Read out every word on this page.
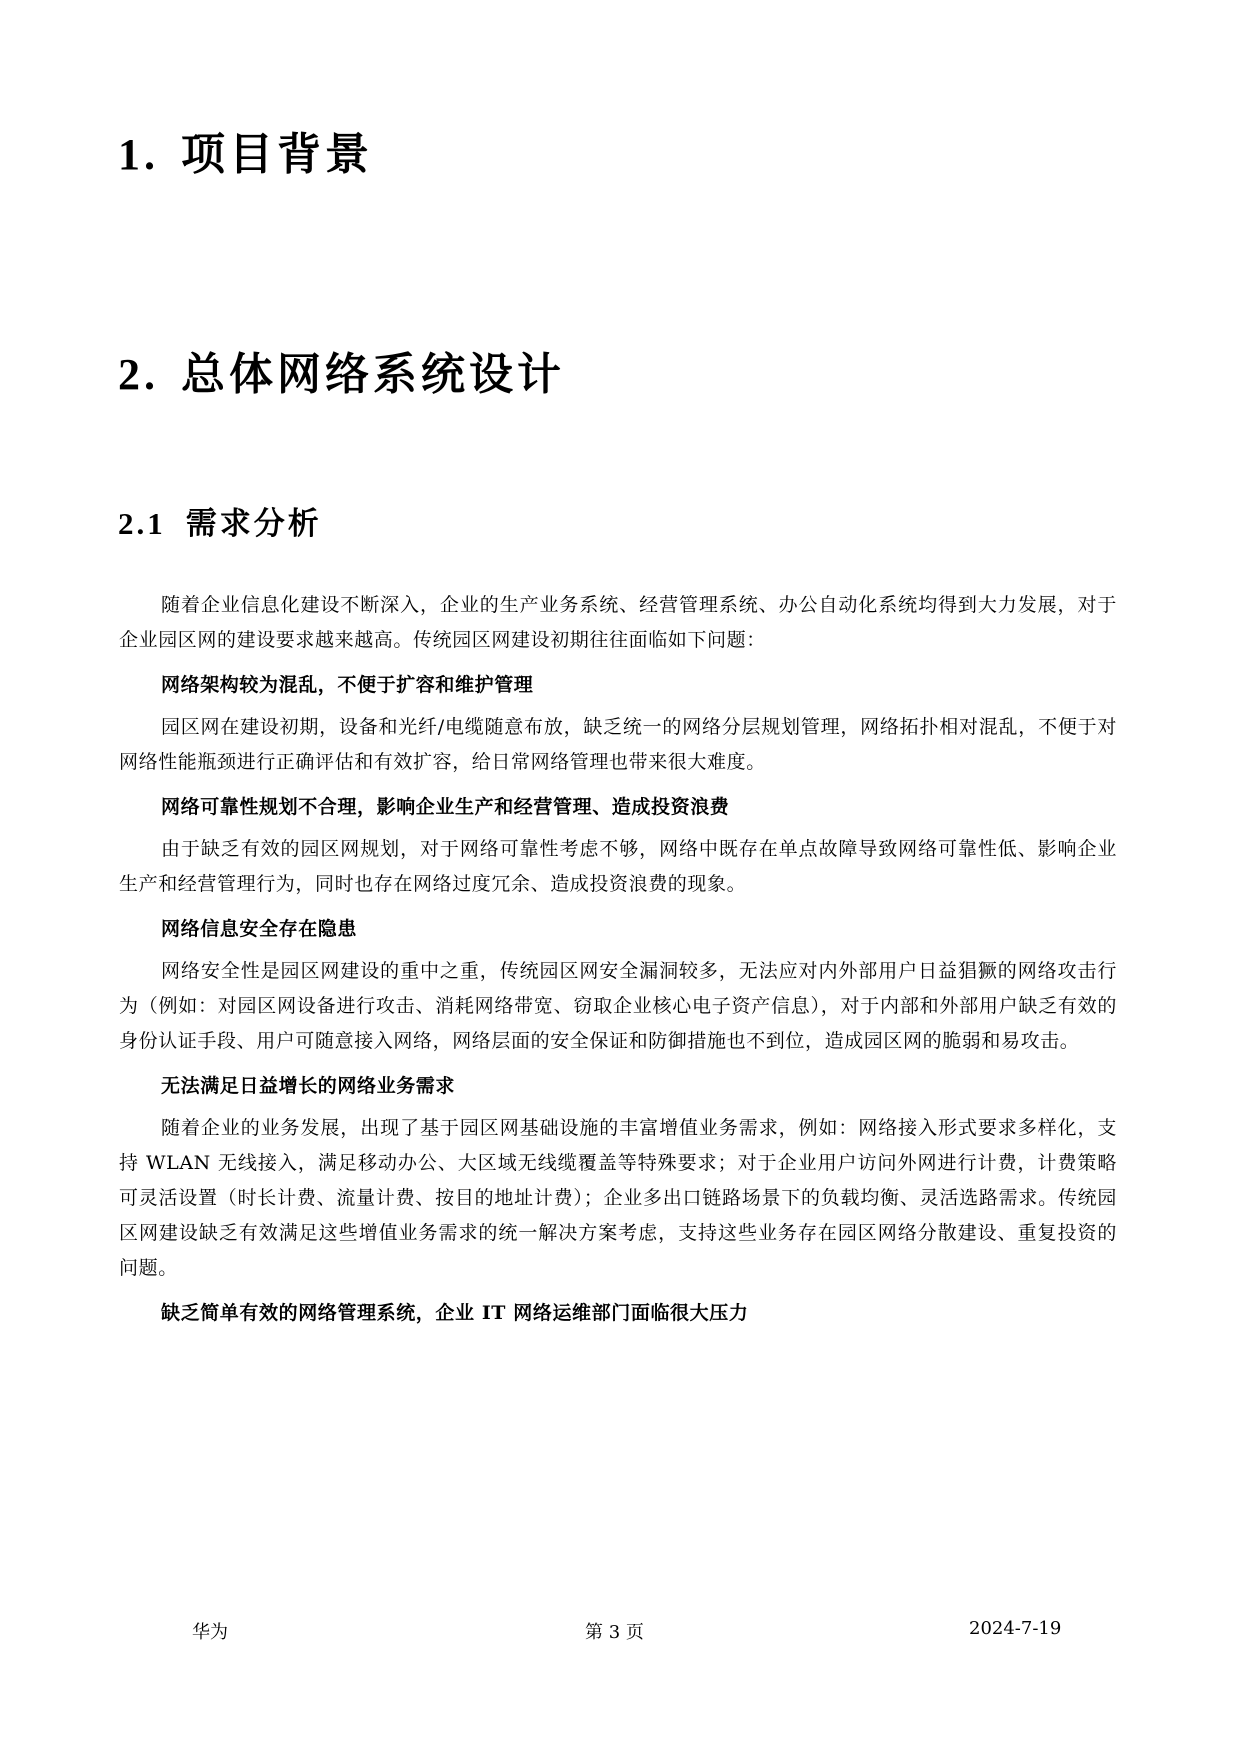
1. 项目背景
2. 总体网络系统设计
2.1 需求分析

随着企业信息化建设不断深入，企业的生产业务系统、经营管理系统、办公自动化系统均得到大力发展，对于企业园区网的建设要求越来越高。传统园区网建设初期往往面临如下问题：

网络架构较为混乱，不便于扩容和维护管理

园区网在建设初期，设备和光纤/电缆随意布放，缺乏统一的网络分层规划管理，网络拓扑相对混乱，不便于对网络性能瓶颈进行正确评估和有效扩容，给日常网络管理也带来很大难度。

网络可靠性规划不合理，影响企业生产和经营管理、造成投资浪费

由于缺乏有效的园区网规划，对于网络可靠性考虑不够，网络中既存在单点故障导致网络可靠性低、影响企业生产和经营管理行为，同时也存在网络过度冗余、造成投资浪费的现象。

网络信息安全存在隐患

网络安全性是园区网建设的重中之重，传统园区网安全漏洞较多，无法应对内外部用户日益猖獗的网络攻击行为（例如：对园区网设备进行攻击、消耗网络带宽、窃取企业核心电子资产信息），对于内部和外部用户缺乏有效的身份认证手段、用户可随意接入网络，网络层面的安全保证和防御措施也不到位，造成园区网的脆弱和易攻击。

无法满足日益增长的网络业务需求

随着企业的业务发展，出现了基于园区网基础设施的丰富增值业务需求，例如：网络接入形式要求多样化，支持 WLAN 无线接入，满足移动办公、大区域无线缆覆盖等特殊要求；对于企业用户访问外网进行计费，计费策略可灵活设置（时长计费、流量计费、按目的地址计费）；企业多出口链路场景下的负载均衡、灵活选路需求。传统园区网建设缺乏有效满足这些增值业务需求的统一解决方案考虑，支持这些业务存在园区网络分散建设、重复投资的问题。

缺乏简单有效的网络管理系统，企业 IT 网络运维部门面临很大压力

华为	第 3 页	2024-7-19
